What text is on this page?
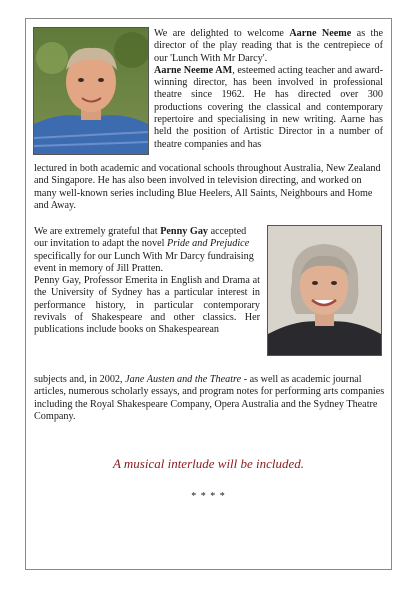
We are delighted to welcome Aarne Neeme as the director of the play reading that is the centrepiece of our 'Lunch With Mr Darcy'.

Aarne Neeme AM, esteemed acting teacher and award-winning director, has been involved in professional theatre since 1962. He has directed over 300 productions covering the classical and contemporary repertoire and specialising in new writing. Aarne has held the position of Artistic Director in a number of theatre companies and has

lectured in both academic and vocational schools throughout Australia, New Zealand and Singapore. He has also been involved in television directing, and worked on many well-known series including Blue Heelers, All Saints, Neighbours and Home and Away.

We are extremely grateful that Penny Gay accepted our invitation to adapt the novel Pride and Prejudice specifically for our Lunch With Mr Darcy fundraising event in memory of Jill Pratten.

Penny Gay, Professor Emerita in English and Drama at the University of Sydney has a particular interest in performance history, in particular contemporary revivals of Shakespeare and other classics. Her publications include books on Shakespearean

subjects and, in 2002, Jane Austen and the Theatre - as well as academic journal articles, numerous scholarly essays, and program notes for performing arts companies including the Royal Shakespeare Company, Opera Australia and the Sydney Theatre Company.

A musical interlude will be included.
* * * *
